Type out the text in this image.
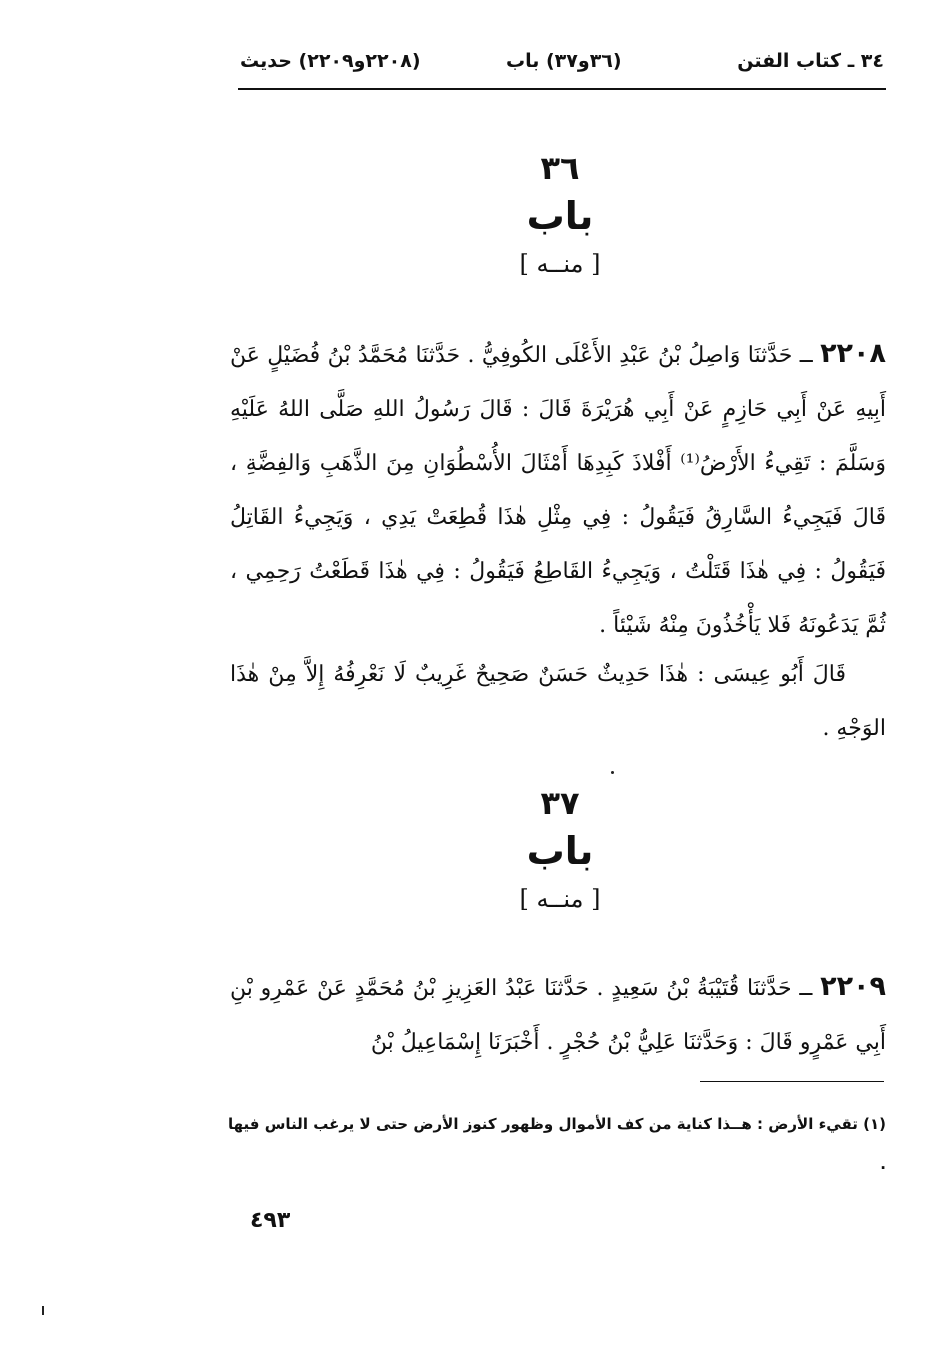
٣٤ ـ كتاب الفتن
(٣٦و٣٧) باب
(٢٢٠٨و٢٢٠٩) حديث
٣٦
باب
[ منــه ]
٢٢٠٨ ــ حَدَّثنَا وَاصِلُ بْنُ عَبْدِ الأَعْلَى الكُوفِيُّ . حَدَّثنَا مُحَمَّدُ بْنُ فُضَيْلٍ عَنْ أَبِيهِ عَنْ أَبِي حَازِمٍ عَنْ أَبِي هُرَيْرَةَ قَالَ : قَالَ رَسُولُ اللهِ صَلَّى اللهُ عَلَيْهِ وَسَلَّمَ : تَقِيءُ الأَرْضُ⁽¹⁾ أَفْلاذَ كَبِدِهَا أَمْثَالَ الأُسْطُوَانِ مِنَ الذَّهَبِ وَالفِضَّةِ ، قَالَ فَيَجِيءُ السَّارِقُ فَيَقُولُ : فِي مِثْلِ هٰذَا قُطِعَتْ يَدِي ، وَيَجِيءُ القَاتِلُ فَيَقُولُ : فِي هٰذَا قَتَلْتُ ، وَيَجِيءُ القَاطِعُ فَيَقُولُ : فِي هٰذَا قَطَعْتُ رَحِمِي ، ثُمَّ يَدَعُونَهُ فَلا يَأْخُذُونَ مِنْهُ شَيْئاً .
قَالَ أَبُو عِيسَى : هٰذَا حَدِيثٌ حَسَنٌ صَحِيحٌ غَرِيبٌ لَا نَعْرِفُهُ إِلاَّ مِنْ هٰذَا الوَجْهِ .
٣٧
باب
[ منــه ]
٢٢٠٩ ــ حَدَّثنَا قُتَيْبَةُ بْنُ سَعِيدٍ . حَدَّثنَا عَبْدُ العَزِيزِ بْنُ مُحَمَّدٍ عَنْ عَمْرِو بْنِ أَبِي عَمْرٍو قَالَ : وَحَدَّثنَا عَلِيُّ بْنُ حُجْرٍ . أَخْبَرَنَا إِسْمَاعِيلُ بْنُ
(١) تقيء الأرض : هــذا كناية من كف الأموال وظهور كنوز الأرض حتى لا يرغب الناس فيها .
٤٩٣
